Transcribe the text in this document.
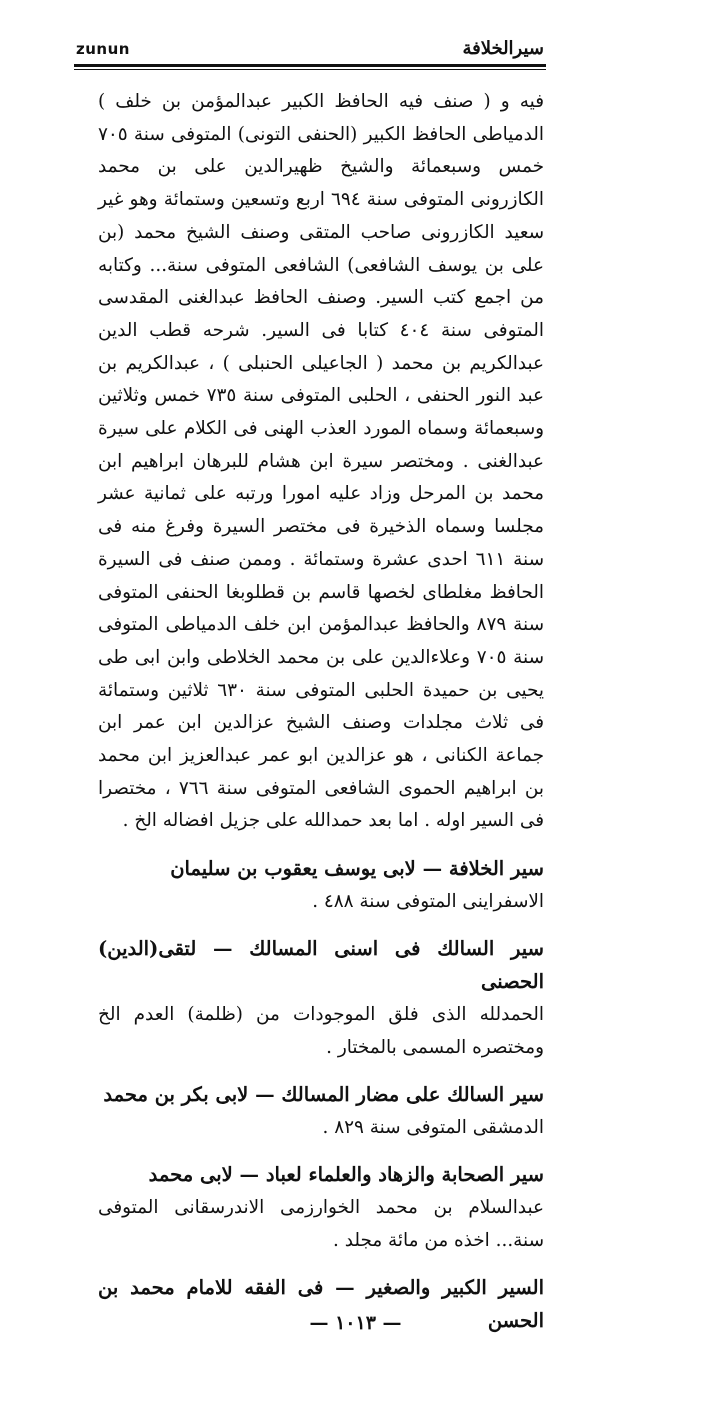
zunun	سيرالخلافة

فيه و ( صنف فيه الحافظ الكبير عبدالمؤمن بن خلف ) الدمياطى الحافظ الكبير (الحنفى التونى) المتوفى سنة ٧٠٥ خمس وسبعمائة والشيخ ظهيرالدين على بن محمد الكازرونى المتوفى سنة ٦٩٤ اربع وتسعين وستمائة وهو غير سعيد الكازرونى صاحب المتقى وصنف الشيخ محمد (بن على بن يوسف الشافعى) الشافعى المتوفى سنة... وكتابه من اجمع كتب السير. وصنف الحافظ عبدالغنى المقدسى المتوفى سنة ٤٠٤ كتابا فى السير. شرحه قطب الدين عبدالكريم بن محمد ( الجاعيلى الحنبلى ) ، عبدالكريم بن عبد النور الحنفى ، الحلبى المتوفى سنة ٧٣٥ خمس وثلاثين وسبعمائة وسماه المورد العذب الهنى فى الكلام على سيرة عبدالغنى . ومختصر سيرة ابن هشام للبرهان ابراهيم ابن محمد بن المرحل وزاد عليه امورا ورتبه على ثمانية عشر مجلسا وسماه الذخيرة فى مختصر السيرة وفرغ منه فى سنة ٦١١ احدى عشرة وستمائة . وممن صنف فى السيرة الحافظ مغلطاى لخصها قاسم بن قطلوبغا الحنفى المتوفى سنة ٨٧٩ والحافظ عبدالمؤمن ابن خلف الدمياطى المتوفى سنة ٧٠٥ وعلاءالدين على بن محمد الخلاطى وابن ابى طى يحيى بن حميدة الحلبى المتوفى سنة ٦٣٠ ثلاثين وستمائة فى ثلاث مجلدات وصنف الشيخ عزالدين ابن عمر ابن جماعة الكنانى ، هو عزالدين ابو عمر عبدالعزيز ابن محمد بن ابراهيم الحموى الشافعى المتوفى سنة ٧٦٦ ، مختصرا فى السير اوله . اما بعد حمدالله على جزيل افضاله الخ .

سير الخلافة — لابى يوسف يعقوب بن سليمان

الاسفراينى المتوفى سنة ٤٨٨ .

سير السالك فى اسنى المسالك — لتقى(الدين) الحصنى

الحمدلله الذى فلق الموجودات من (ظلمة) العدم الخ ومختصره المسمى بالمختار .

سير السالك على مضار المسالك — لابى بكر بن محمد

الدمشقى المتوفى سنة ٨٢٩ .

سير الصحابة والزهاد والعلماء لعباد — لابى محمد

عبدالسلام بن محمد الخوارزمى الاندرسقانى المتوفى سنة... اخذه من مائة مجلد .

السير الكبير والصغير — فى الفقه للامام محمد بن الحسن

— ١٠١٣ —
